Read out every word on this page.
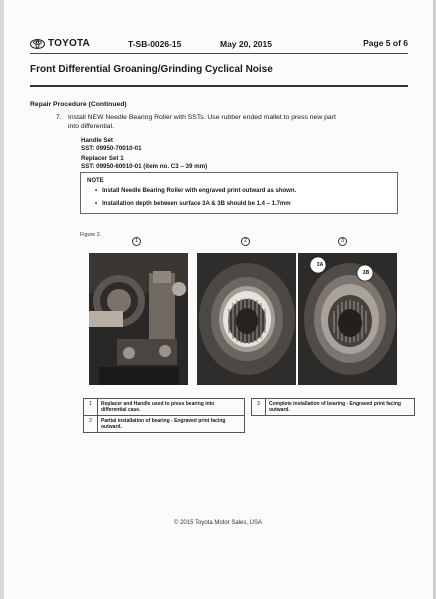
TOYOTA	T-SB-0026-15	May 20, 2015	Page 5 of 6
Front Differential Groaning/Grinding Cyclical Noise
Repair Procedure (Continued)
7. Install NEW Needle Bearing Roller with SSTs. Use rubber ended mallet to press new part
into differential.
Handle Set
SST: 09950-70010-01
Replacer Set 1
SST: 09950-60010-01 (item no. C3 – 39 mm)
NOTE
• Install Needle Bearing Roller with engraved print outward as shown.
• Installation depth between surface 3A & 3B should be 1.4 – 1.7mm
Figure 2.
1	2	3
3A
3B
1	Replacer and Handle used to press bearing into differential case.
2	Partial installation of bearing - Engraved print facing outward.
3	Complete installation of bearing - Engraved print facing outward.
© 2015 Toyota Motor Sales, USA
